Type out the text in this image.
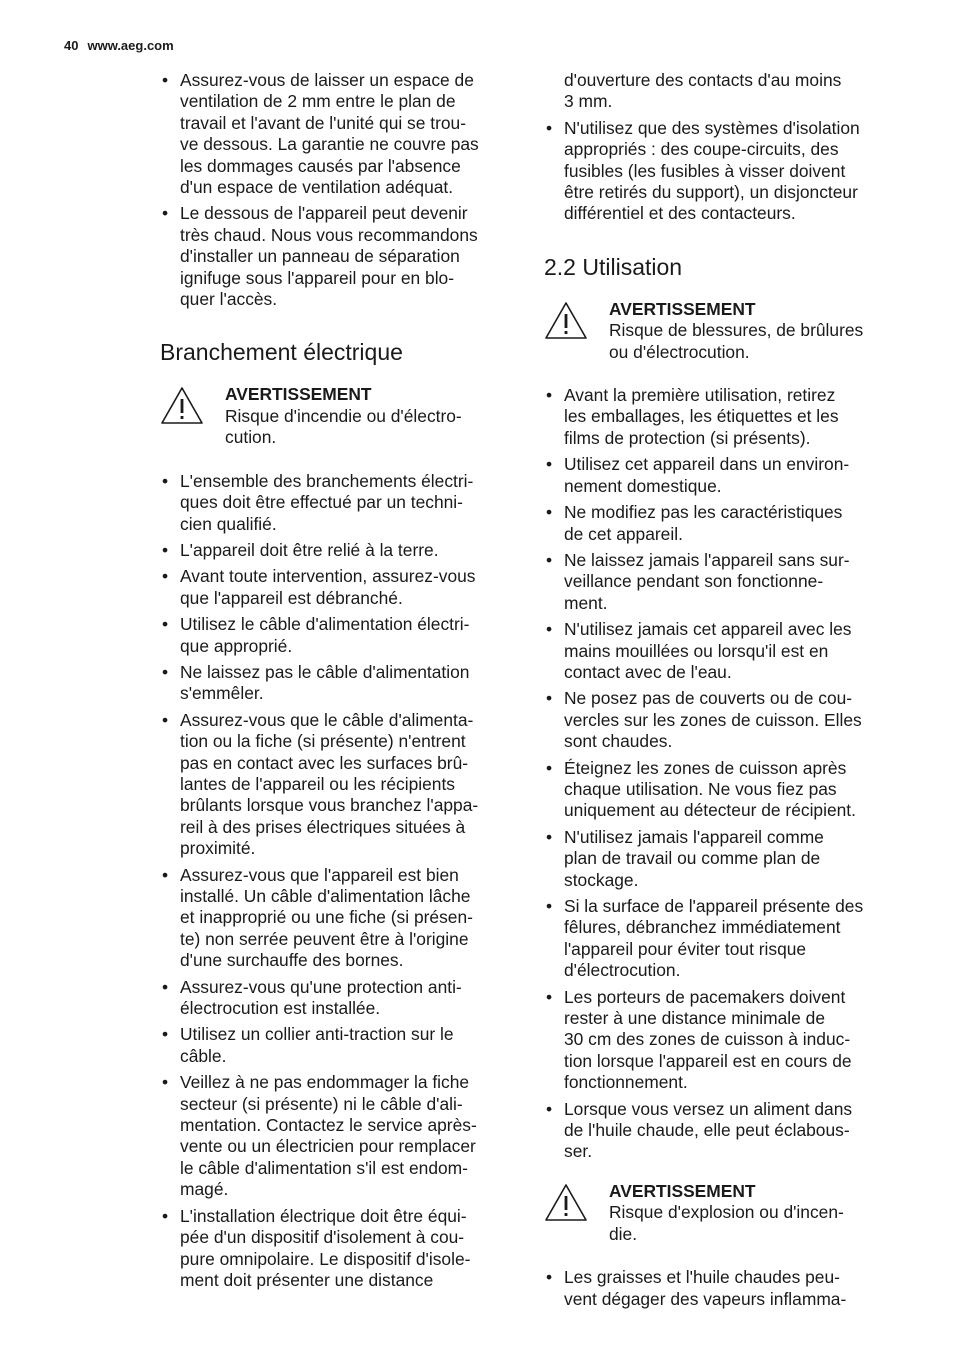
40 www.aeg.com
• Assurez-vous de laisser un espace de
ventilation de 2 mm entre le plan de
travail et l'avant de l'unité qui se trou-
ve dessous. La garantie ne couvre pas
les dommages causés par l'absence
d'un espace de ventilation adéquat.
• Le dessous de l'appareil peut devenir
très chaud. Nous vous recommandons
d'installer un panneau de séparation
ignifuge sous l'appareil pour en blo-
quer l'accès.
Branchement électrique
AVERTISSEMENT
Risque d'incendie ou d'électro-
cution.
• L'ensemble des branchements électri-
ques doit être effectué par un techni-
cien qualifié.
• L'appareil doit être relié à la terre.
• Avant toute intervention, assurez-vous
que l'appareil est débranché.
• Utilisez le câble d'alimentation électri-
que approprié.
• Ne laissez pas le câble d'alimentation
s'emmêler.
• Assurez-vous que le câble d'alimenta-
tion ou la fiche (si présente) n'entrent
pas en contact avec les surfaces brû-
lantes de l'appareil ou les récipients
brûlants lorsque vous branchez l'appa-
reil à des prises électriques situées à
proximité.
• Assurez-vous que l'appareil est bien
installé. Un câble d'alimentation lâche
et inapproprié ou une fiche (si présen-
te) non serrée peuvent être à l'origine
d'une surchauffe des bornes.
• Assurez-vous qu'une protection anti-
électrocution est installée.
• Utilisez un collier anti-traction sur le
câble.
• Veillez à ne pas endommager la fiche
secteur (si présente) ni le câble d'ali-
mentation. Contactez le service après-
vente ou un électricien pour remplacer
le câble d'alimentation s'il est endom-
magé.
• L'installation électrique doit être équi-
pée d'un dispositif d'isolement à cou-
pure omnipolaire. Le dispositif d'isole-
ment doit présenter une distance
d'ouverture des contacts d'au moins
3 mm.
• N'utilisez que des systèmes d'isolation
appropriés : des coupe-circuits, des
fusibles (les fusibles à visser doivent
être retirés du support), un disjoncteur
différentiel et des contacteurs.
2.2 Utilisation
AVERTISSEMENT
Risque de blessures, de brûlures
ou d'électrocution.
• Avant la première utilisation, retirez
les emballages, les étiquettes et les
films de protection (si présents).
• Utilisez cet appareil dans un environ-
nement domestique.
• Ne modifiez pas les caractéristiques
de cet appareil.
• Ne laissez jamais l'appareil sans sur-
veillance pendant son fonctionne-
ment.
• N'utilisez jamais cet appareil avec les
mains mouillées ou lorsqu'il est en
contact avec de l'eau.
• Ne posez pas de couverts ou de cou-
vercles sur les zones de cuisson. Elles
sont chaudes.
• Éteignez les zones de cuisson après
chaque utilisation. Ne vous fiez pas
uniquement au détecteur de récipient.
• N'utilisez jamais l'appareil comme
plan de travail ou comme plan de
stockage.
• Si la surface de l'appareil présente des
fêlures, débranchez immédiatement
l'appareil pour éviter tout risque
d'électrocution.
• Les porteurs de pacemakers doivent
rester à une distance minimale de
30 cm des zones de cuisson à induc-
tion lorsque l'appareil est en cours de
fonctionnement.
• Lorsque vous versez un aliment dans
de l'huile chaude, elle peut éclabous-
ser.
AVERTISSEMENT
Risque d'explosion ou d'incen-
die.
• Les graisses et l'huile chaudes peu-
vent dégager des vapeurs inflamma-
